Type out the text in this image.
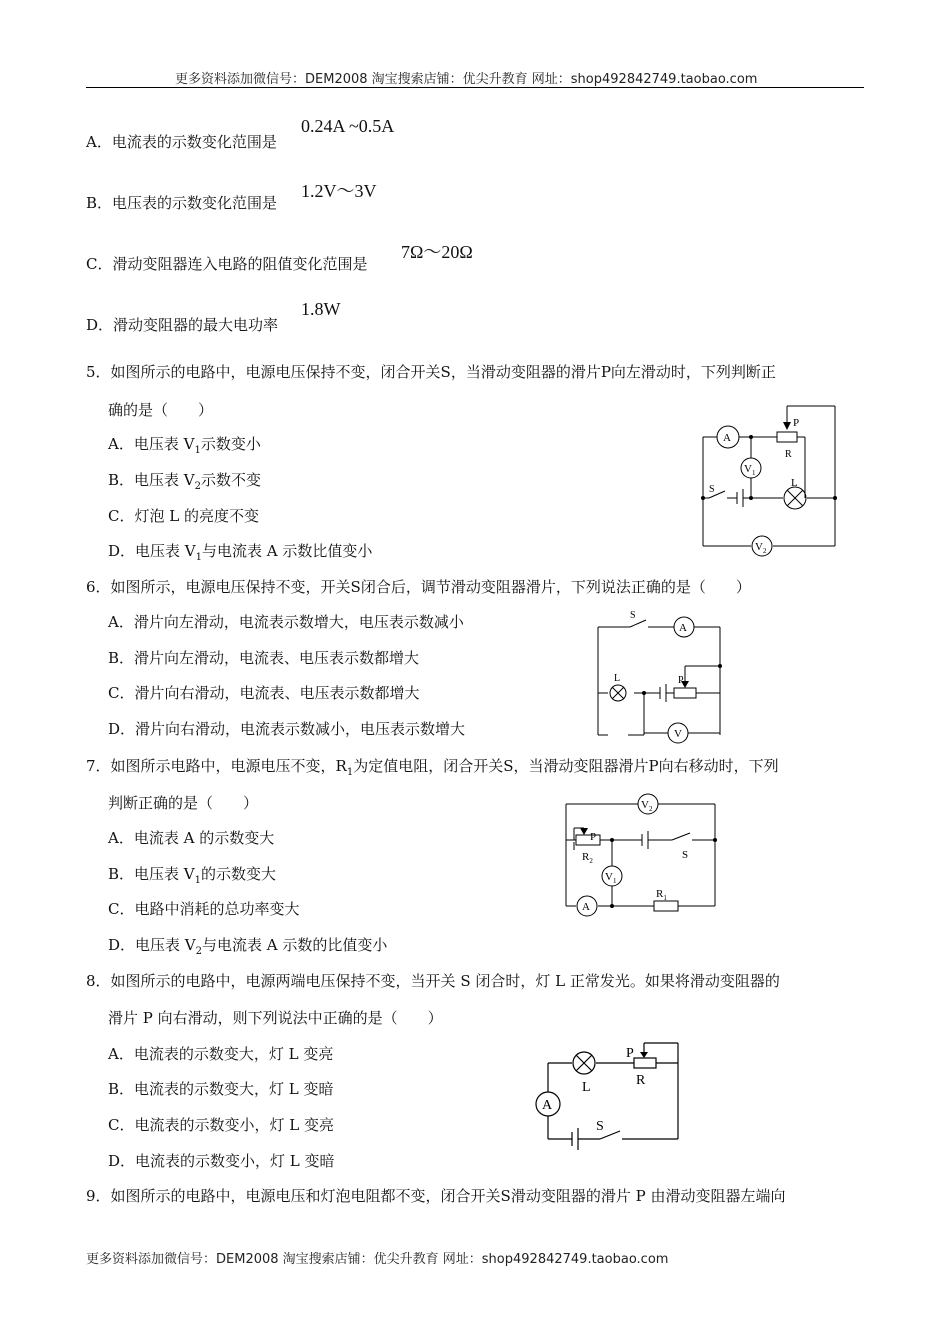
更多资料添加微信号：DEM2008 淘宝搜索店铺：优尖升教育 网址：shop492842749.taobao.com
A．电流表的示数变化范围是
0.24A ~0.5A
B．电压表的示数变化范围是
1.2V～3V
C．滑动变阻器连入电路的阻值变化范围是
7Ω～20Ω
D．滑动变阻器的最大电功率
1.8W
5．如图所示的电路中，电源电压保持不变，闭合开关S，当滑动变阻器的滑片P向左滑动时，下列判断正
确的是（　　）
A．电压表 $V_1$示数变小
B．电压表 $V_2$示数不变
C．灯泡 L 的亮度不变
D．电压表 $V_1$与电流表 A 示数比值变小
A
$V_1$
$V_2$
P
R
L
S
6．如图所示，电源电压保持不变，开关S闭合后，调节滑动变阻器滑片，下列说法正确的是（　　）
A．滑片向左滑动，电流表示数增大，电压表示数减小
B．滑片向左滑动，电流表、电压表示数都增大
C．滑片向右滑动，电流表、电压表示数都增大
D．滑片向右滑动，电流表示数减小，电压表示数增大
A
V
P
L
S
7．如图所示电路中，电源电压不变，$R_1$为定值电阻，闭合开关S，当滑动变阻器滑片P向右移动时，下列
判断正确的是（　　）
A．电流表 A 的示数变大
B．电压表 $V_1$的示数变大
C．电路中消耗的总功率变大
D．电压表 $V_2$与电流表 A 示数的比值变小
$V_2$
$V_1$
A
P
$R_2$
$R_1$
S
8．如图所示的电路中，电源两端电压保持不变，当开关 S 闭合时，灯 L 正常发光。如果将滑动变阻器的
滑片 P 向右滑动，则下列说法中正确的是（　　）
A．电流表的示数变大，灯 L 变亮
B．电流表的示数变大，灯 L 变暗
C．电流表的示数变小，灯 L 变亮
D．电流表的示数变小，灯 L 变暗
A
P
R
L
S
9．如图所示的电路中，电源电压和灯泡电阻都不变，闭合开关S滑动变阻器的滑片 P 由滑动变阻器左端向
更多资料添加微信号：DEM2008 淘宝搜索店铺：优尖升教育 网址：shop492842749.taobao.com
